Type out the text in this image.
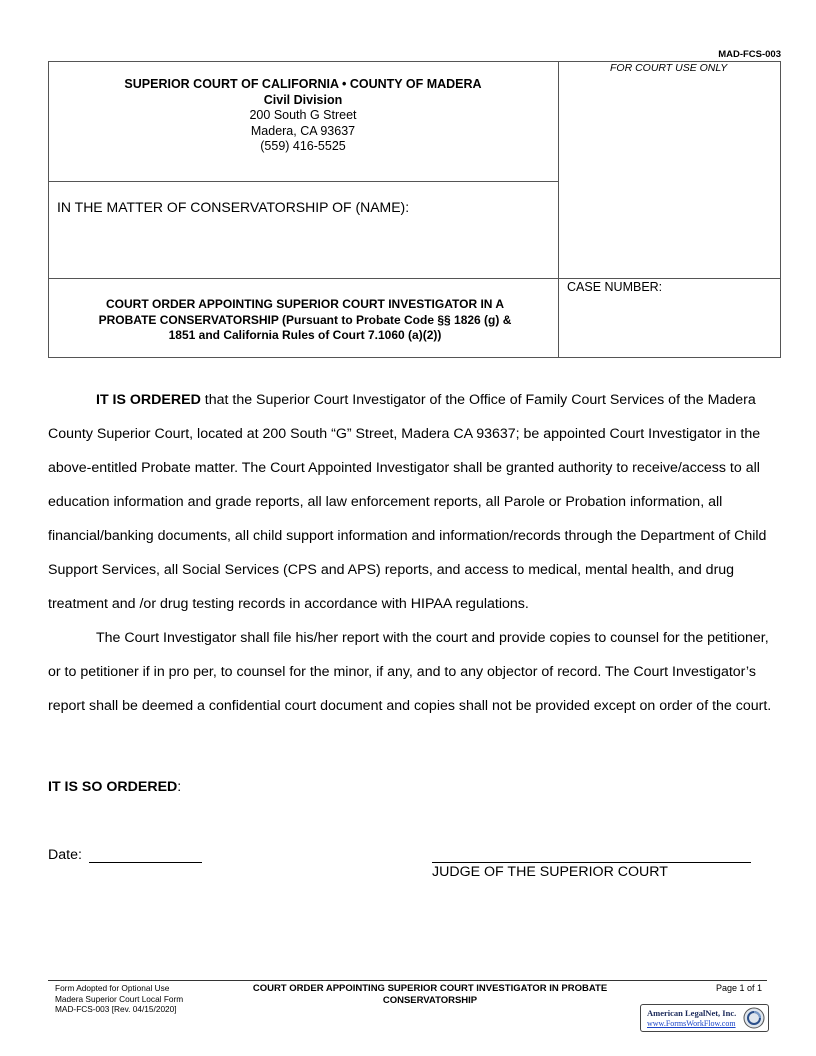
MAD-FCS-003
SUPERIOR COURT OF CALIFORNIA • COUNTY OF MADERA
Civil Division
200 South G Street
Madera, CA 93637
(559) 416-5525
FOR COURT USE ONLY
IN THE MATTER OF CONSERVATORSHIP OF (NAME):
CASE NUMBER:
COURT ORDER APPOINTING SUPERIOR COURT INVESTIGATOR IN A
PROBATE CONSERVATORSHIP (Pursuant to Probate Code §§ 1826 (g) &
1851 and California Rules of Court 7.1060 (a)(2))

IT IS ORDERED that the Superior Court Investigator of the Office of Family Court Services of the Madera County Superior Court, located at 200 South “G” Street, Madera CA 93637; be appointed Court Investigator in the above-entitled Probate matter. The Court Appointed Investigator shall be granted authority to receive/access to all education information and grade reports, all law enforcement reports, all Parole or Probation information, all financial/banking documents, all child support information and information/records through the Department of Child Support Services, all Social Services (CPS and APS) reports, and access to medical, mental health, and drug treatment and /or drug testing records in accordance with HIPAA regulations.

The Court Investigator shall file his/her report with the court and provide copies to counsel for the petitioner, or to petitioner if in pro per, to counsel for the minor, if any, and to any objector of record. The Court Investigator’s report shall be deemed a confidential court document and copies shall not be provided except on order of the court.

IT IS SO ORDERED:
Date:
JUDGE OF THE SUPERIOR COURT
Form Adopted for Optional Use
Madera Superior Court Local Form
MAD-FCS-003 [Rev. 04/15/2020]
COURT ORDER APPOINTING SUPERIOR COURT INVESTIGATOR IN PROBATE
CONSERVATORSHIP
Page 1 of 1
American LegalNet, Inc.
www.FormsWorkFlow.com
